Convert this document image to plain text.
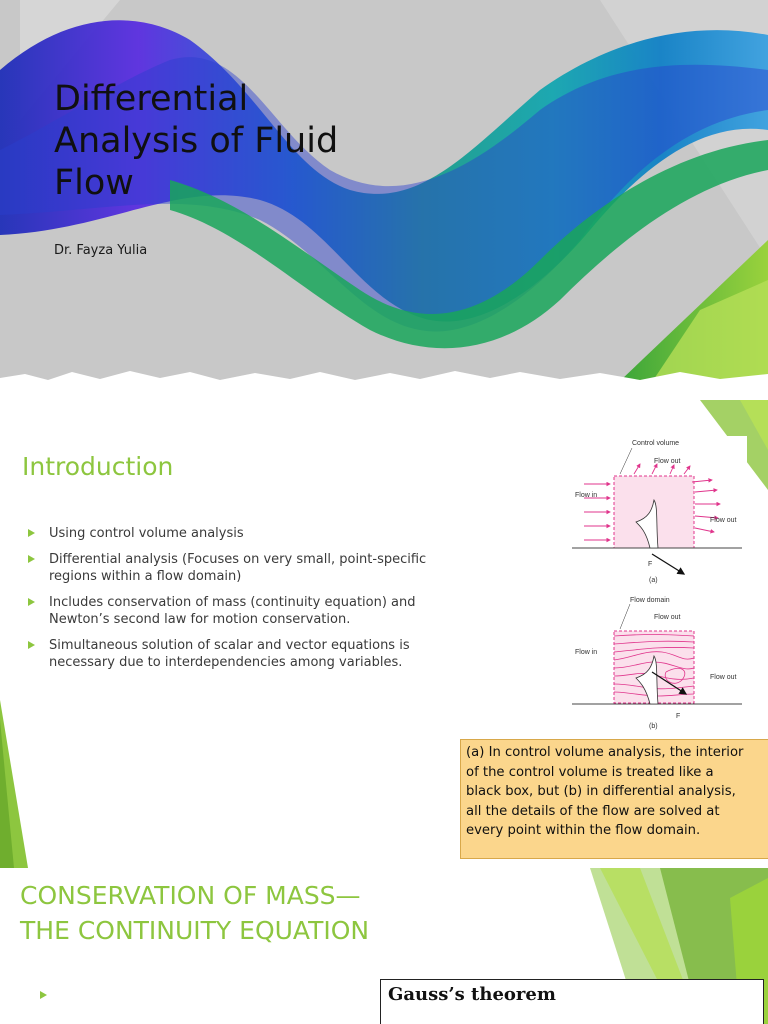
Differential
Analysis of Fluid
Flow
Dr. Fayza Yulia
Introduction
Using control volume analysis
Differential analysis (Focuses on very small, point-specific regions within a flow domain)
Includes conservation of mass (continuity equation) and Newton’s second law for motion conservation.
Simultaneous solution of scalar and vector equations is necessary due to interdependencies among variables.
Control volume
Flow out
Flow in
Flow out
F
(a)
Flow domain
Flow out
Flow in
Flow out
F
(b)
(a) In control volume analysis, the interior
of the control volume is treated like a
black box, but (b) in differential analysis,
all the details of the flow are solved at
every point within the flow domain.
CONSERVATION OF MASS—
THE CONTINUITY EQUATION
Gauss’s theorem
